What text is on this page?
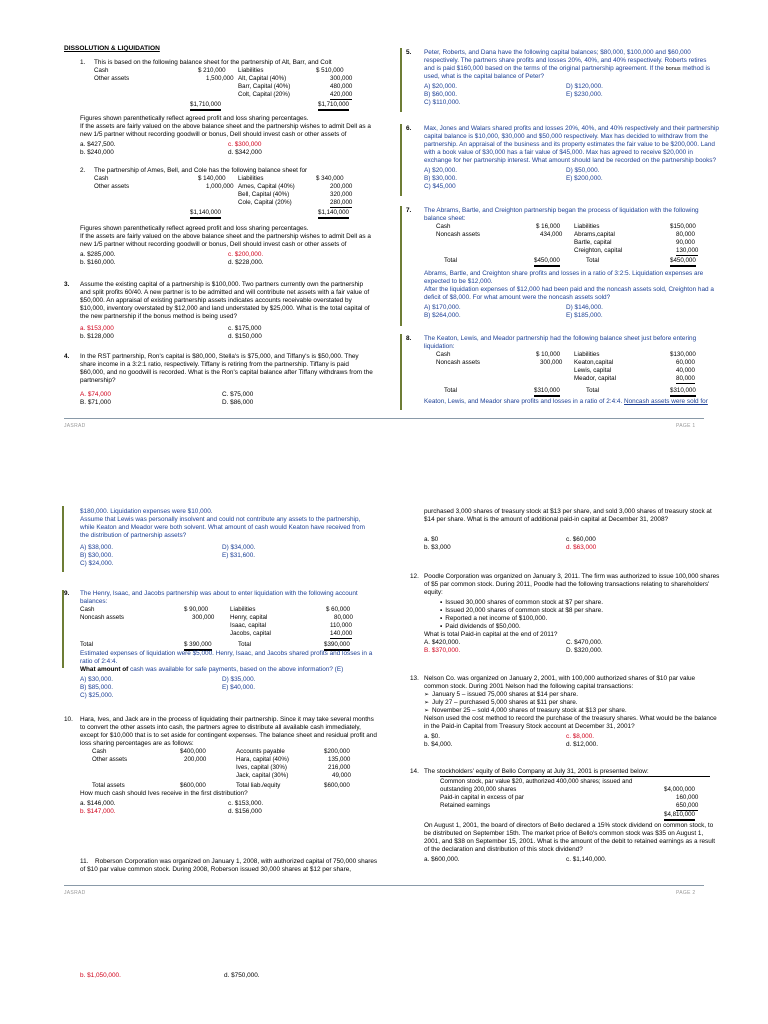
DISSOLUTION & LIQUIDATION
1. This is based on the following balance sheet for the partnership of Alt, Barr, and Colt
Cash	$ 210,000 Liabilities	$ 510,000
Other assets	1,500,000 Alt, Capital (40%)	300,000
Barr, Capital (40%)	480,000
Colt, Capital (20%)	420,000
$1,710,000	$1,710,000
Figures shown parenthetically reflect agreed profit and loss sharing percentages.
If the assets are fairly valued on the above balance sheet and the partnership wishes to admit Dell as a
new 1/5 partner without recording goodwill or bonus, Dell should invest cash or other assets of
a. $427,500.	c. $300,000
b. $240,000	d. $342,000
2. The partnership of Ames, Bell, and Cole has the following balance sheet for
Cash	$ 140,000 Liabilities	$ 340,000
Other assets	1,000,000 Ames, Capital (40%)	200,000
Bell, Capital (40%)	320,000
Cole, Capital (20%)	280,000
$1,140,000	$1,140,000
Figures shown parenthetically reflect agreed profit and loss sharing percentages.
If the assets are fairly valued on the above balance sheet and the partnership wishes to admit Dell as a
new 1/5 partner without recording goodwill or bonus, Dell should invest cash or other assets of
a. $285,000.	c. $200,000.
b. $160,000.	d. $228,000.
3. Assume the existing capital of a partnership is $100,000. Two partners currently own the partnership
and split profits 60/40. A new partner is to be admitted and will contribute net assets with a fair value of
$50,000. An appraisal of existing partnership assets indicates accounts receivable overstated by
$10,000, inventory overstated by $12,000 and land understated by $25,000. What is the total capital of
the new partnership if the bonus method is being used?
a. $153,000	c. $175,000
b. $128,000	d. $150,000
4. In the RST partnership, Ron's capital is $80,000, Stella's is $75,000, and Tiffany's is $50,000. They
share income in a 3:2:1 ratio, respectively. Tiffany is retiring from the partnership. Tiffany is paid
$60,000, and no goodwill is recorded. What is the Ron's capital balance after Tiffany withdraws from the
partnership?
A. $74,000	C. $75,000
B. $71,000	D. $86,000
5. Peter, Roberts, and Dana have the following capital balances; $80,000, $100,000 and $60,000
respectively. The partners share profits and losses 20%, 40%, and 40% respectively. Roberts retires
and is paid $160,000 based on the terms of the original partnership agreement. If the bonus method is
used, what is the capital balance of Peter?
A) $20,000.	D) $120,000.
B) $60,000.	E) $230,000.
C) $110,000.
6. Max, Jones and Walars shared profits and losses 20%, 40%, and 40% respectively and their partnership
capital balance is $10,000, $30,000 and $50,000 respectively. Max has decided to withdraw from the
partnership. An appraisal of the business and its property estimates the fair value to be $200,000. Land
with a book value of $30,000 has a fair value of $45,000. Max has agreed to receive $20,000 in
exchange for her partnership interest. What amount should land be recorded on the partnership books?
A) $20,000.	D) $50,000.
B) $30,000.	E) $200,000.
C) $45,000
7. The Abrams, Bartle, and Creighton partnership began the process of liquidation with the following
balance sheet:
Cash	$ 16,000 Liabilities	$150,000
Noncash assets	434,000 Abrams,capital	80,000
Bartle, capital	90,000
Creighton, capital	130,000
Total	$450,000	Total	$450,000
Abrams, Bartle, and Creighton share profits and losses in a ratio of 3:2:5. Liquidation expenses are
expected to be $12,000.
After the liquidation expenses of $12,000 had been paid and the noncash assets sold, Creighton had a
deficit of $8,000. For what amount were the noncash assets sold?
A) $170,000.	D) $146,000.
B) $264,000.	E) $185,000.
8. The Keaton, Lewis, and Meador partnership had the following balance sheet just before entering
liquidation:
Cash	$ 10,000 Liabilities	$130,000
Noncash assets	300,000 Keaton,capital	60,000
Lewis, capital	40,000
Meador, capital	80,000
Total	$310,000	Total	$310,000
Keaton, Lewis, and Meador share profits and losses in a ratio of 2:4:4. Noncash assets were sold for
JASRAD	PAGE 1
$180,000. Liquidation expenses were $10,000.
Assume that Lewis was personally insolvent and could not contribute any assets to the partnership,
while Keaton and Meador were both solvent. What amount of cash would Keaton have received from
the distribution of partnership assets?
A) $38,000.	D) $34,000.
B) $30,000.	E) $31,600.
C) $24,000.
9. The Henry, Isaac, and Jacobs partnership was about to enter liquidation with the following account
balances:
Cash	$ 90,000	Liabilities	$ 60,000
Noncash assets	300,000	Henry, capital	80,000
Isaac, capital	110,000
Jacobs, capital	140,000
Total	$ 390,000	Total	$390,000
Estimated expenses of liquidation were $5,000. Henry, Isaac, and Jacobs shared profits and losses in a
ratio of 2:4:4.
What amount of cash was available for safe payments, based on the above information? (E)
A) $30,000.	D) $35,000.
B) $85,000.	E) $40,000.
C) $25,000.
10. Hara, Ives, and Jack are in the process of liquidating their partnership. Since it may take several months
to convert the other assets into cash, the partners agree to distribute all available cash immediately,
except for $10,000 that is to set aside for contingent expenses. The balance sheet and residual profit and
loss sharing percentages are as follows:
Cash	$400,000	Accounts payable	$200,000
Other assets	200,000	Hara, capital (40%)	135,000
Ives, capital (30%)	216,000
Jack, capital (30%)	49,000
Total assets	$600,000	Total liab./equity	$600,000
How much cash should Ives receive in the first distribution?
a. $146,000.	c. $153,000.
b. $147,000.	d. $156,000
11. Roberson Corporation was organized on January 1, 2008, with authorized capital of 750,000 shares
of $10 par value common stock. During 2008, Roberson issued 30,000 shares at $12 per share,
purchased 3,000 shares of treasury stock at $13 per share, and sold 3,000 shares of treasury stock at
$14 per share. What is the amount of additional paid-in capital at December 31, 2008?
a. $0	c. $60,000
b. $3,000	d. $63,000
12. Poodle Corporation was organized on January 3, 2011. The firm was authorized to issue 100,000 shares
of $5 par common stock. During 2011, Poodle had the following transactions relating to shareholders'
equity:
▪ Issued 30,000 shares of common stock at $7 per share.
▪ Issued 20,000 shares of common stock at $8 per share.
▪ Reported a net income of $100,000.
▪ Paid dividends of $50,000.
What is total Paid-in capital at the end of 2011?
A. $420,000.	C. $470,000.
B. $370,000.	D. $320,000.
13. Nelson Co. was organized on January 2, 2001, with 100,000 authorized shares of $10 par value
common stock. During 2001 Nelson had the following capital transactions:
➢ January 5 – issued 75,000 shares at $14 per share.
➢ July 27 – purchased 5,000 shares at $11 per share.
➢ November 25 – sold 4,000 shares of treasury stock at $13 per share.
Nelson used the cost method to record the purchase of the treasury shares. What would be the balance
in the Paid-in Capital from Treasury Stock account at December 31, 2001?
a. $0.	c. $8,000.
b. $4,000.	d. $12,000.
14. The stockholders' equity of Bello Company at July 31, 2001 is presented below:
Common stock, par value $20, authorized 400,000 shares; issued and
outstanding 200,000 shares	$4,000,000
Paid-in capital in excess of par	160,000
Retained earnings	650,000
$4,810,000
On August 1, 2001, the board of directors of Bello declared a 15% stock dividend on common stock, to
be distributed on September 15th. The market price of Bello's common stock was $35 on August 1,
2001, and $38 on September 15, 2001. What is the amount of the debit to retained earnings as a result
of the declaration and distribution of this stock dividend?
a. $600,000.	c. $1,140,000.
JASRAD	PAGE 2
b. $1,050,000.	d. $750,000.
